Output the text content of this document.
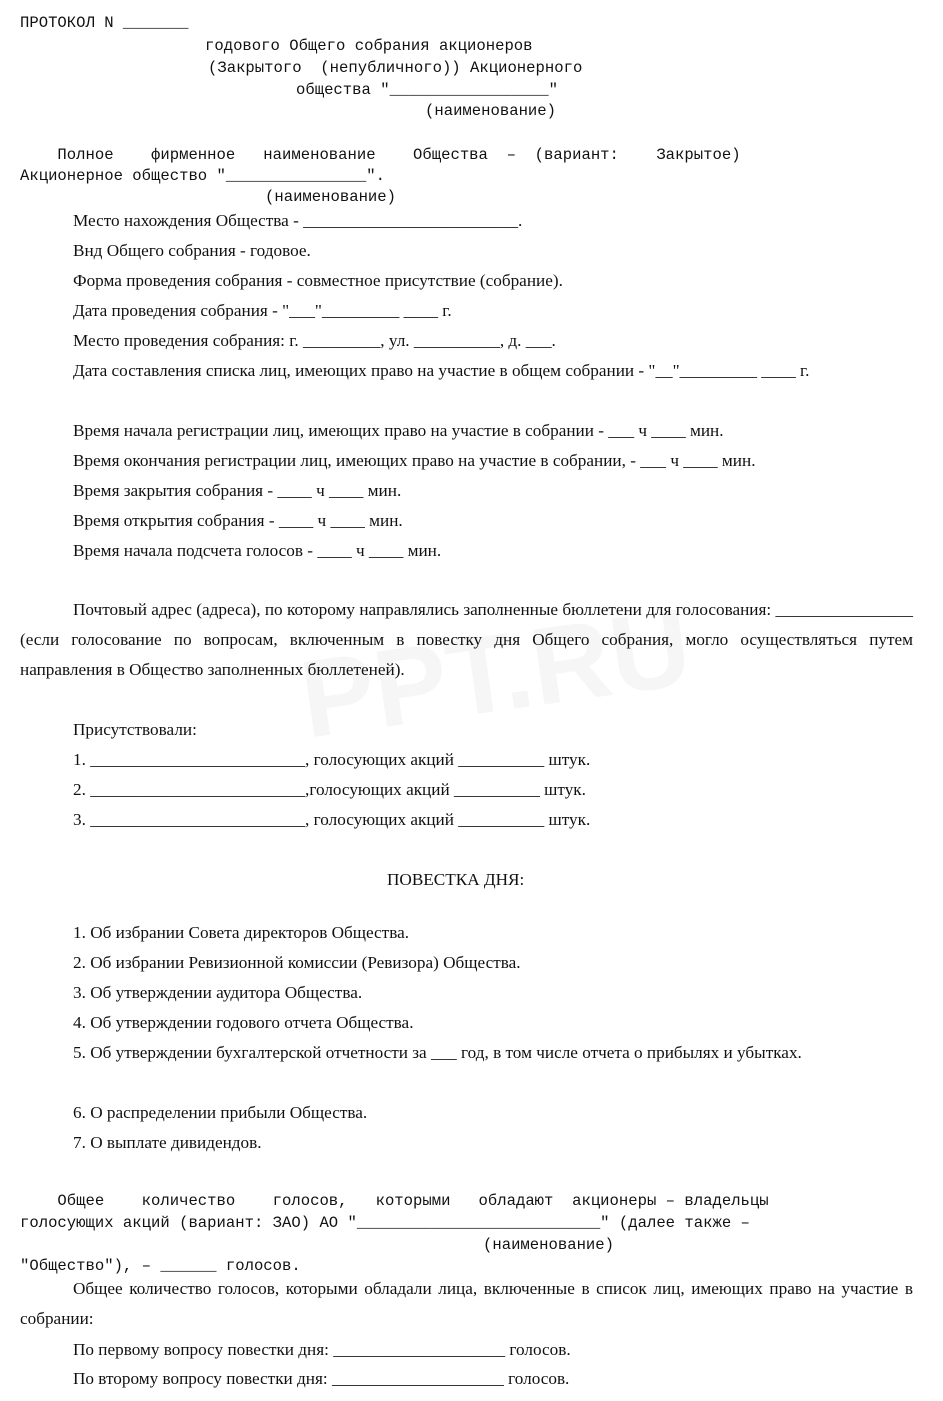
ПРОТОКОЛ N _______
годового Общего собрания акционеров
(Закрытого  (непубличного)) Акционерного
общества "_________________"
(наименование)
Полное    фирменное   наименование    Общества  –  (вариант:    Закрытое)
Акционерное общество "_______________".
(наименование)
Место нахождения Общества - _________________________.
Внд Общего собрания - годовое.
Форма проведения собрания - совместное присутствие (собрание).
Дата проведения собрания - "___"_________ ____ г.
Место проведения собрания: г. _________, ул. __________, д. ___.
Дата составления списка лиц, имеющих право на участие в общем собрании - "__"_________ ____ г.
Время начала регистрации лиц, имеющих право на участие в собрании - ___ ч ____ мин.
Время окончания регистрации лиц, имеющих право на участие в собрании, - ___ ч ____ мин.
Время закрытия собрания - ____ ч ____ мин.
Время открытия собрания - ____ ч ____ мин.
Время начала подсчета голосов - ____ ч ____ мин.
Почтовый адрес (адреса), по которому направлялись заполненные бюллетени для голосования: ________________ (если голосование по вопросам, включенным в повестку дня Общего собрания, могло осуществляться путем направления в Общество заполненных бюллетеней).
Присутствовали:
1. _________________________, голосующих акций __________ штук.
2. _________________________,голосующих акций __________ штук.
3. _________________________, голосующих акций __________ штук.
ПОВЕСТКА ДНЯ:
1. Об избрании Совета директоров Общества.
2. Об избрании Ревизионной комиссии (Ревизора) Общества.
3. Об утверждении аудитора Общества.
4. Об утверждении годового отчета Общества.
5. Об утверждении бухгалтерской отчетности за ___ год, в том числе отчета о прибылях и убытках.
6. О распределении прибыли Общества.
7. О выплате дивидендов.
Общее    количество    голосов,   которыми   обладают  акционеры – владельцы
голосующих акций (вариант: ЗАО) АО "__________________________" (далее также –
(наименование)
"Общество"), – ______ голосов.
Общее количество голосов, которыми обладали лица, включенные в список лиц, имеющих право на участие в собрании:
По первому вопросу повестки дня: ____________________ голосов.
По второму вопросу повестки дня: ____________________ голосов.
